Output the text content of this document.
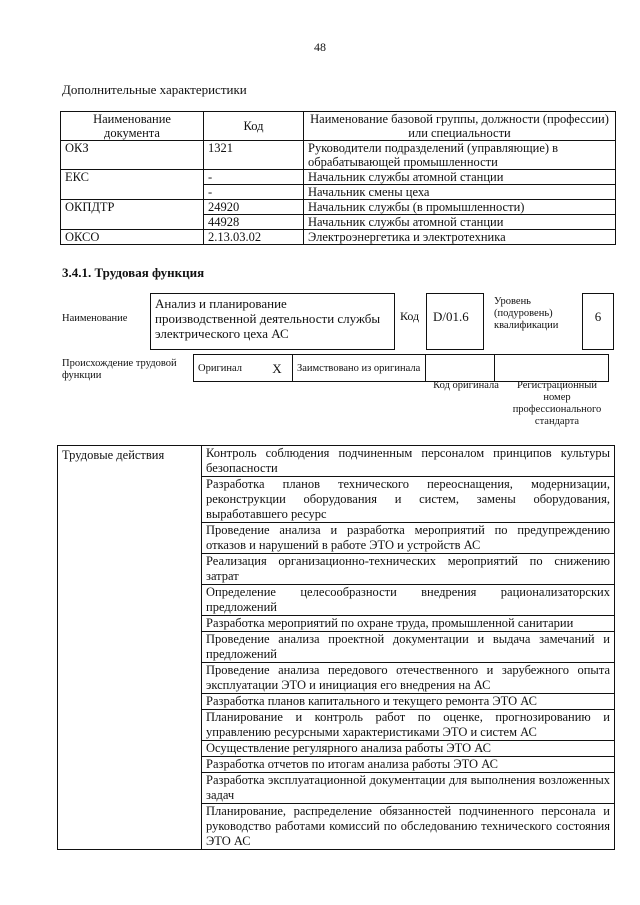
48
Дополнительные характеристики
Наименование документа	Код	Наименование базовой группы, должности (профессии) или специальности
ОКЗ	1321	Руководители подразделений (управляющие) в обрабатывающей промышленности
ЕКС	-	Начальник службы атомной станции
	-	Начальник смены цеха
ОКПДТР	24920	Начальник службы (в промышленности)
	44928	Начальник службы атомной станции
ОКСО	2.13.03.02	Электроэнергетика и электротехника
3.4.1. Трудовая функция
Наименование
Анализ и планирование производственной деятельности службы электрического цеха АС
Код	D/01.6
Уровень (подуровень) квалификации
6
Происхождение трудовой функции
Оригинал	X	Заимствовано из оригинала		
Код оригинала	Регистрационный номер профессионального стандарта
Трудовые действия	Контроль соблюдения подчиненным персоналом принципов культуры безопасности
	Разработка планов технического переоснащения, модернизации, реконструкции оборудования и систем, замены оборудования, выработавшего ресурс
	Проведение анализа и разработка мероприятий по предупреждению отказов и нарушений в работе ЭТО и устройств АС
	Реализация организационно-технических мероприятий по снижению затрат
	Определение целесообразности внедрения рационализаторских предложений
	Разработка мероприятий по охране труда, промышленной санитарии
	Проведение анализа проектной документации и выдача замечаний и предложений
	Проведение анализа передового отечественного и зарубежного опыта эксплуатации ЭТО и инициация его внедрения на АС
	Разработка планов капитального и текущего ремонта ЭТО АС
	Планирование и контроль работ по оценке, прогнозированию и управлению ресурсными характеристиками ЭТО и систем АС
	Осуществление регулярного анализа работы ЭТО АС
	Разработка отчетов по итогам анализа работы ЭТО АС
	Разработка эксплуатационной документации для выполнения возложенных задач
	Планирование, распределение обязанностей подчиненного персонала и руководство работами комиссий по обследованию технического состояния ЭТО АС
